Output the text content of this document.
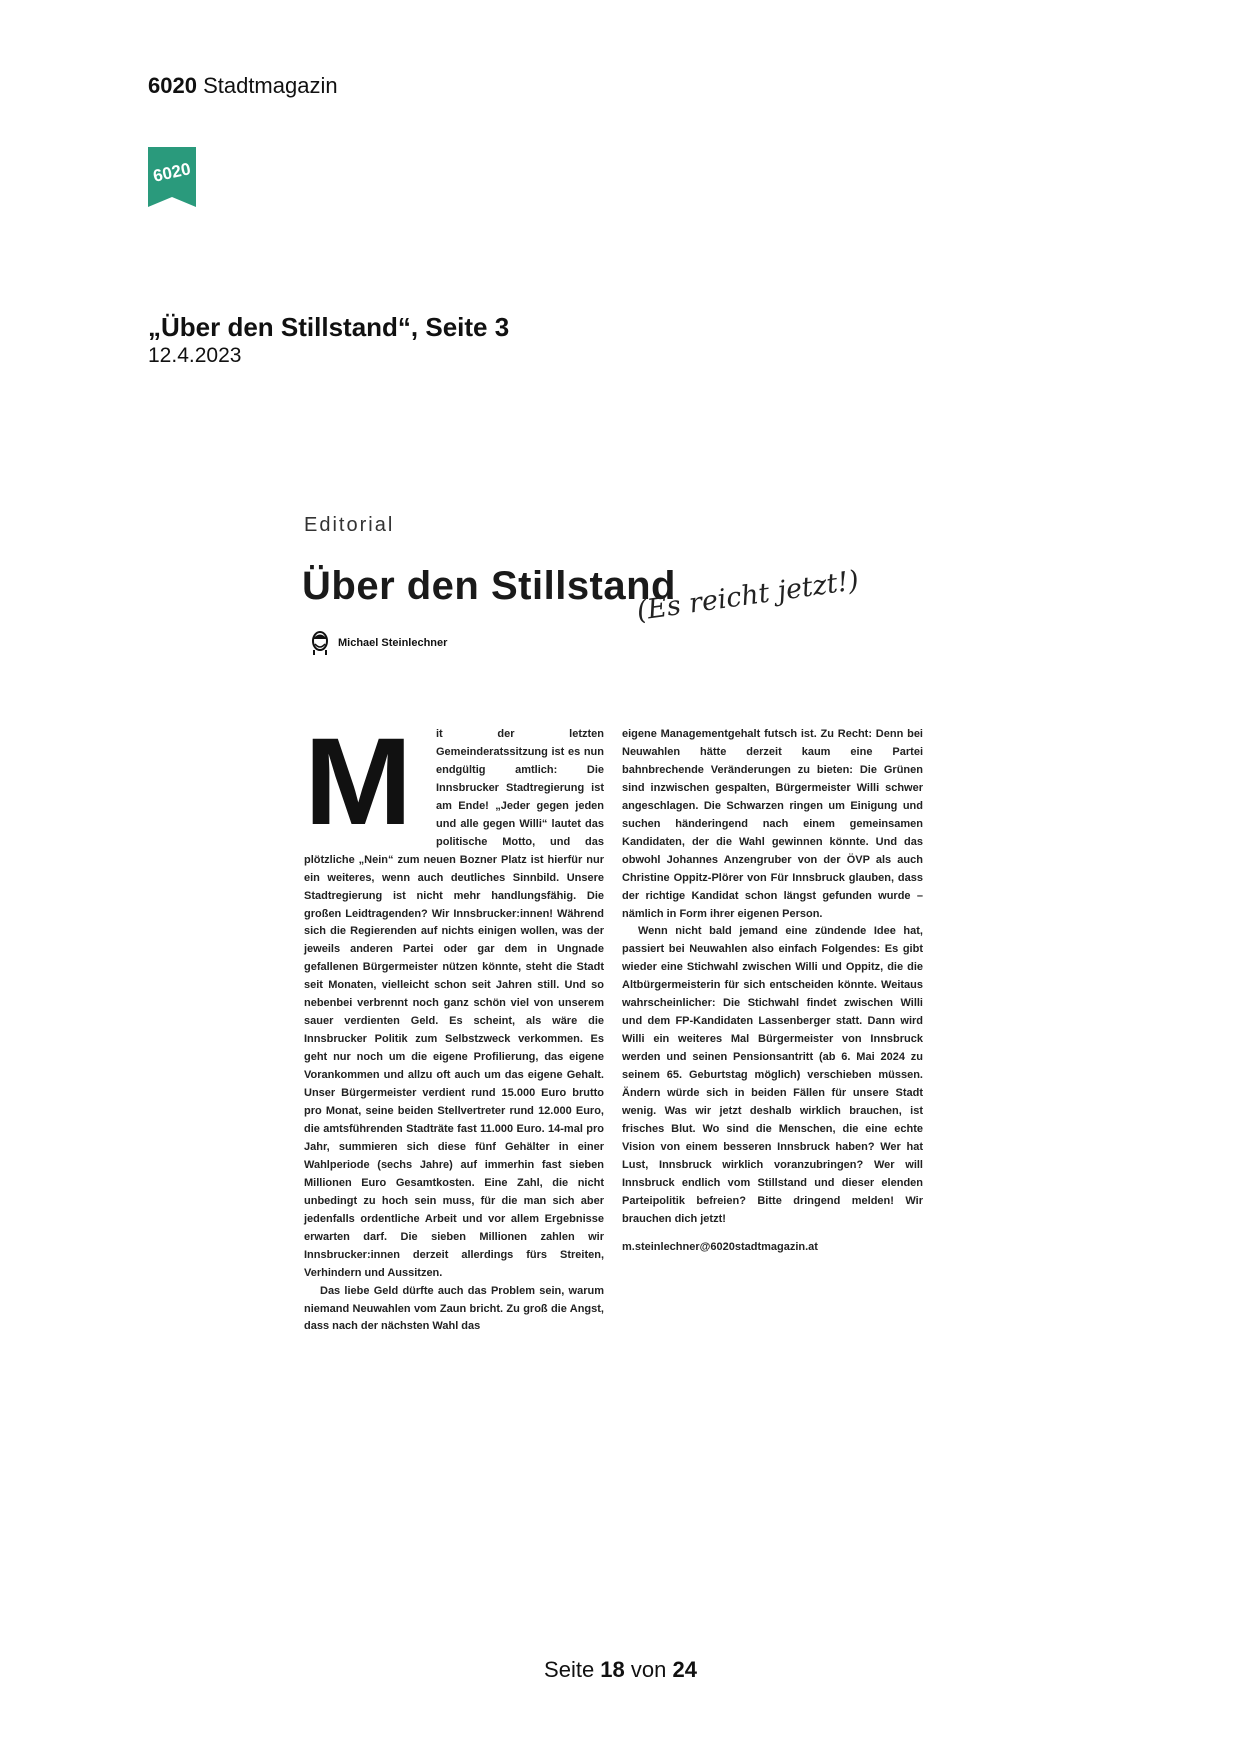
6020 Stadtmagazin
6020
„Über den Stillstand“, Seite 3
12.4.2023
Editorial
Über den Stillstand
(Es reicht jetzt!)
Michael Steinlechner
M	it der letzten Gemeinderatssitzung ist es nun endgültig amtlich: Die Innsbrucker Stadtregierung ist am Ende! „Jeder gegen jeden und alle gegen Willi“ lautet das politische Motto, und das plötzliche „Nein“ zum neuen Bozner Platz ist hierfür nur ein weiteres, wenn auch deutliches Sinnbild. Unsere Stadtregierung ist nicht mehr handlungsfähig. Die großen Leidtragenden? Wir Innsbrucker:innen! Während sich die Regierenden auf nichts einigen wollen, was der jeweils anderen Partei oder gar dem in Ungnade gefallenen Bürgermeister nützen könnte, steht die Stadt seit Monaten, vielleicht schon seit Jahren still. Und so nebenbei verbrennt noch ganz schön viel von unserem sauer verdienten Geld. Es scheint, als wäre die Innsbrucker Politik zum Selbstzweck verkommen. Es geht nur noch um die eigene Profilierung, das eigene Vorankommen und allzu oft auch um das eigene Gehalt. Unser Bürgermeister verdient rund 15.000 Euro brutto pro Monat, seine beiden Stellvertreter rund 12.000 Euro, die amtsführenden Stadträte fast 11.000 Euro. 14-mal pro Jahr, summieren sich diese fünf Gehälter in einer Wahlperiode (sechs Jahre) auf immerhin fast sieben Millionen Euro Gesamtkosten. Eine Zahl, die nicht unbedingt zu hoch sein muss, für die man sich aber jedenfalls ordentliche Arbeit und vor allem Ergebnisse erwarten darf. Die sieben Millionen zahlen wir Innsbrucker:innen derzeit allerdings fürs Streiten, Verhindern und Aussitzen.

Das liebe Geld dürfte auch das Problem sein, warum niemand Neuwahlen vom Zaun bricht. Zu groß die Angst, dass nach der nächsten Wahl das

eigene Managementgehalt futsch ist. Zu Recht: Denn bei Neuwahlen hätte derzeit kaum eine Partei bahnbrechende Veränderungen zu bieten: Die Grünen sind inzwischen gespalten, Bürgermeister Willi schwer angeschlagen. Die Schwarzen ringen um Einigung und suchen händeringend nach einem gemeinsamen Kandidaten, der die Wahl gewinnen könnte. Und das obwohl Johannes Anzengruber von der ÖVP als auch Christine Oppitz-Plörer von Für Innsbruck glauben, dass der richtige Kandidat schon längst gefunden wurde – nämlich in Form ihrer eigenen Person.

Wenn nicht bald jemand eine zündende Idee hat, passiert bei Neuwahlen also einfach Folgendes: Es gibt wieder eine Stichwahl zwischen Willi und Oppitz, die die Altbürgermeisterin für sich entscheiden könnte. Weitaus wahrscheinlicher: Die Stichwahl findet zwischen Willi und dem FP-Kandidaten Lassenberger statt. Dann wird Willi ein weiteres Mal Bürgermeister von Innsbruck werden und seinen Pensionsantritt (ab 6. Mai 2024 zu seinem 65. Geburtstag möglich) verschieben müssen. Ändern würde sich in beiden Fällen für unsere Stadt wenig. Was wir jetzt deshalb wirklich brauchen, ist frisches Blut. Wo sind die Menschen, die eine echte Vision von einem besseren Innsbruck haben? Wer hat Lust, Innsbruck wirklich voranzubringen? Wer will Innsbruck endlich vom Stillstand und dieser elenden Parteipolitik befreien? Bitte dringend melden! Wir brauchen dich jetzt!

m.steinlechner@6020stadtmagazin.at

Seite 18 von 24
